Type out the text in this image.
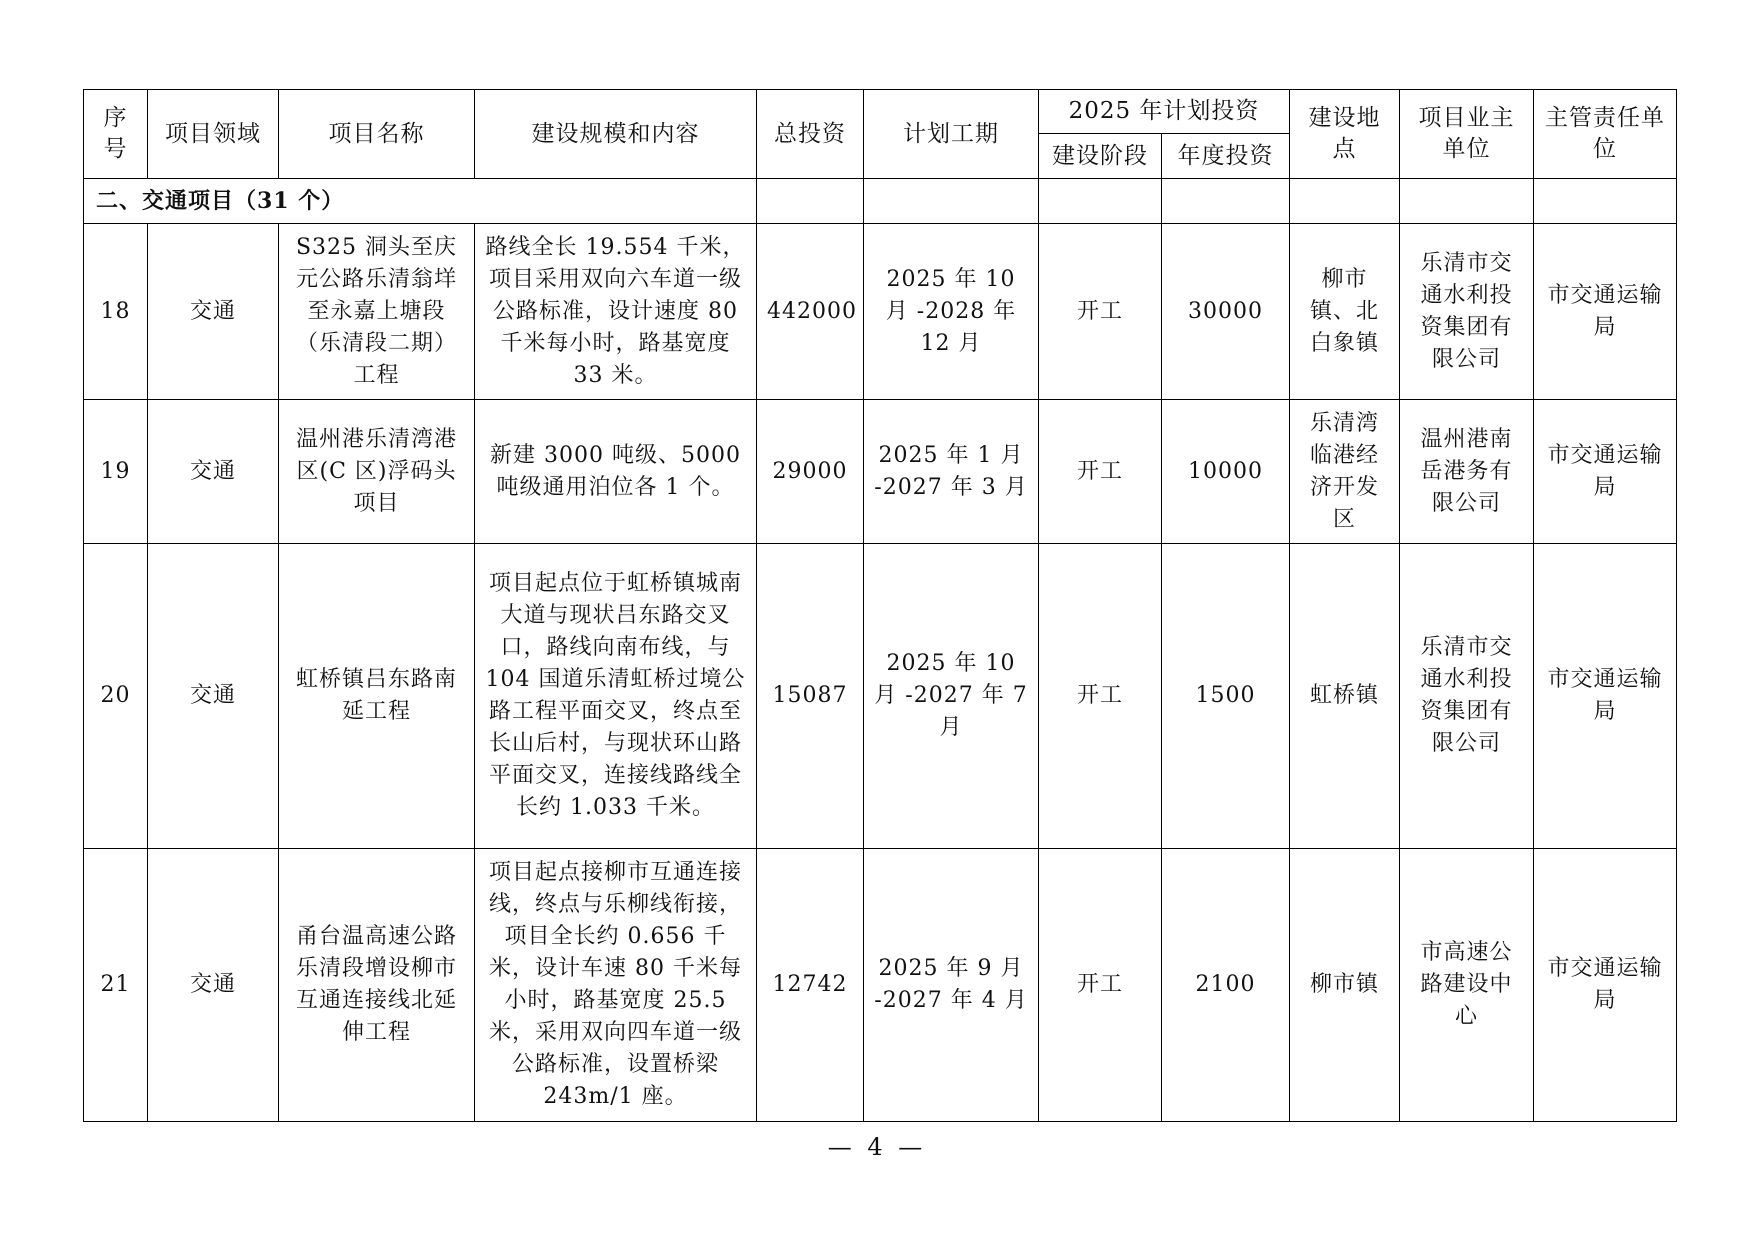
序号	项目领域	项目名称	建设规模和内容	总投资	计划工期	2025 年计划投资		建设地点	项目业主单位	主管责任单位
						建设阶段	年度投资			
二、交通项目（31 个）										
18	交通	S325 洞头至庆元公路乐清翁垟至永嘉上塘段（乐清段二期）工程	路线全长 19.554 千米，项目采用双向六车道一级公路标准，设计速度 80 千米每小时，路基宽度 33 米。	442000	2025 年 10 月 -2028 年 12 月	开工	30000	柳市镇、北白象镇	乐清市交通水利投资集团有限公司	市交通运输局
19	交通	温州港乐清湾港区(C 区)浮码头项目	新建 3000 吨级、5000 吨级通用泊位各 1 个。	29000	2025 年 1 月 -2027 年 3 月	开工	10000	乐清湾临港经济开发区	温州港南岳港务有限公司	市交通运输局
20	交通	虹桥镇吕东路南延工程	项目起点位于虹桥镇城南大道与现状吕东路交叉口，路线向南布线，与 104 国道乐清虹桥过境公路工程平面交叉，终点至长山后村，与现状环山路平面交叉，连接线路线全长约 1.033 千米。	15087	2025 年 10 月 -2027 年 7 月	开工	1500	虹桥镇	乐清市交通水利投资集团有限公司	市交通运输局
21	交通	甬台温高速公路乐清段增设柳市互通连接线北延伸工程	项目起点接柳市互通连接线，终点与乐柳线衔接，项目全长约 0.656 千米，设计车速 80 千米每小时，路基宽度 25.5 米，采用双向四车道一级公路标准，设置桥梁 243m/1 座。	12742	2025 年 9 月 -2027 年 4 月	开工	2100	柳市镇	市高速公路建设中心	市交通运输局
— 4 —
